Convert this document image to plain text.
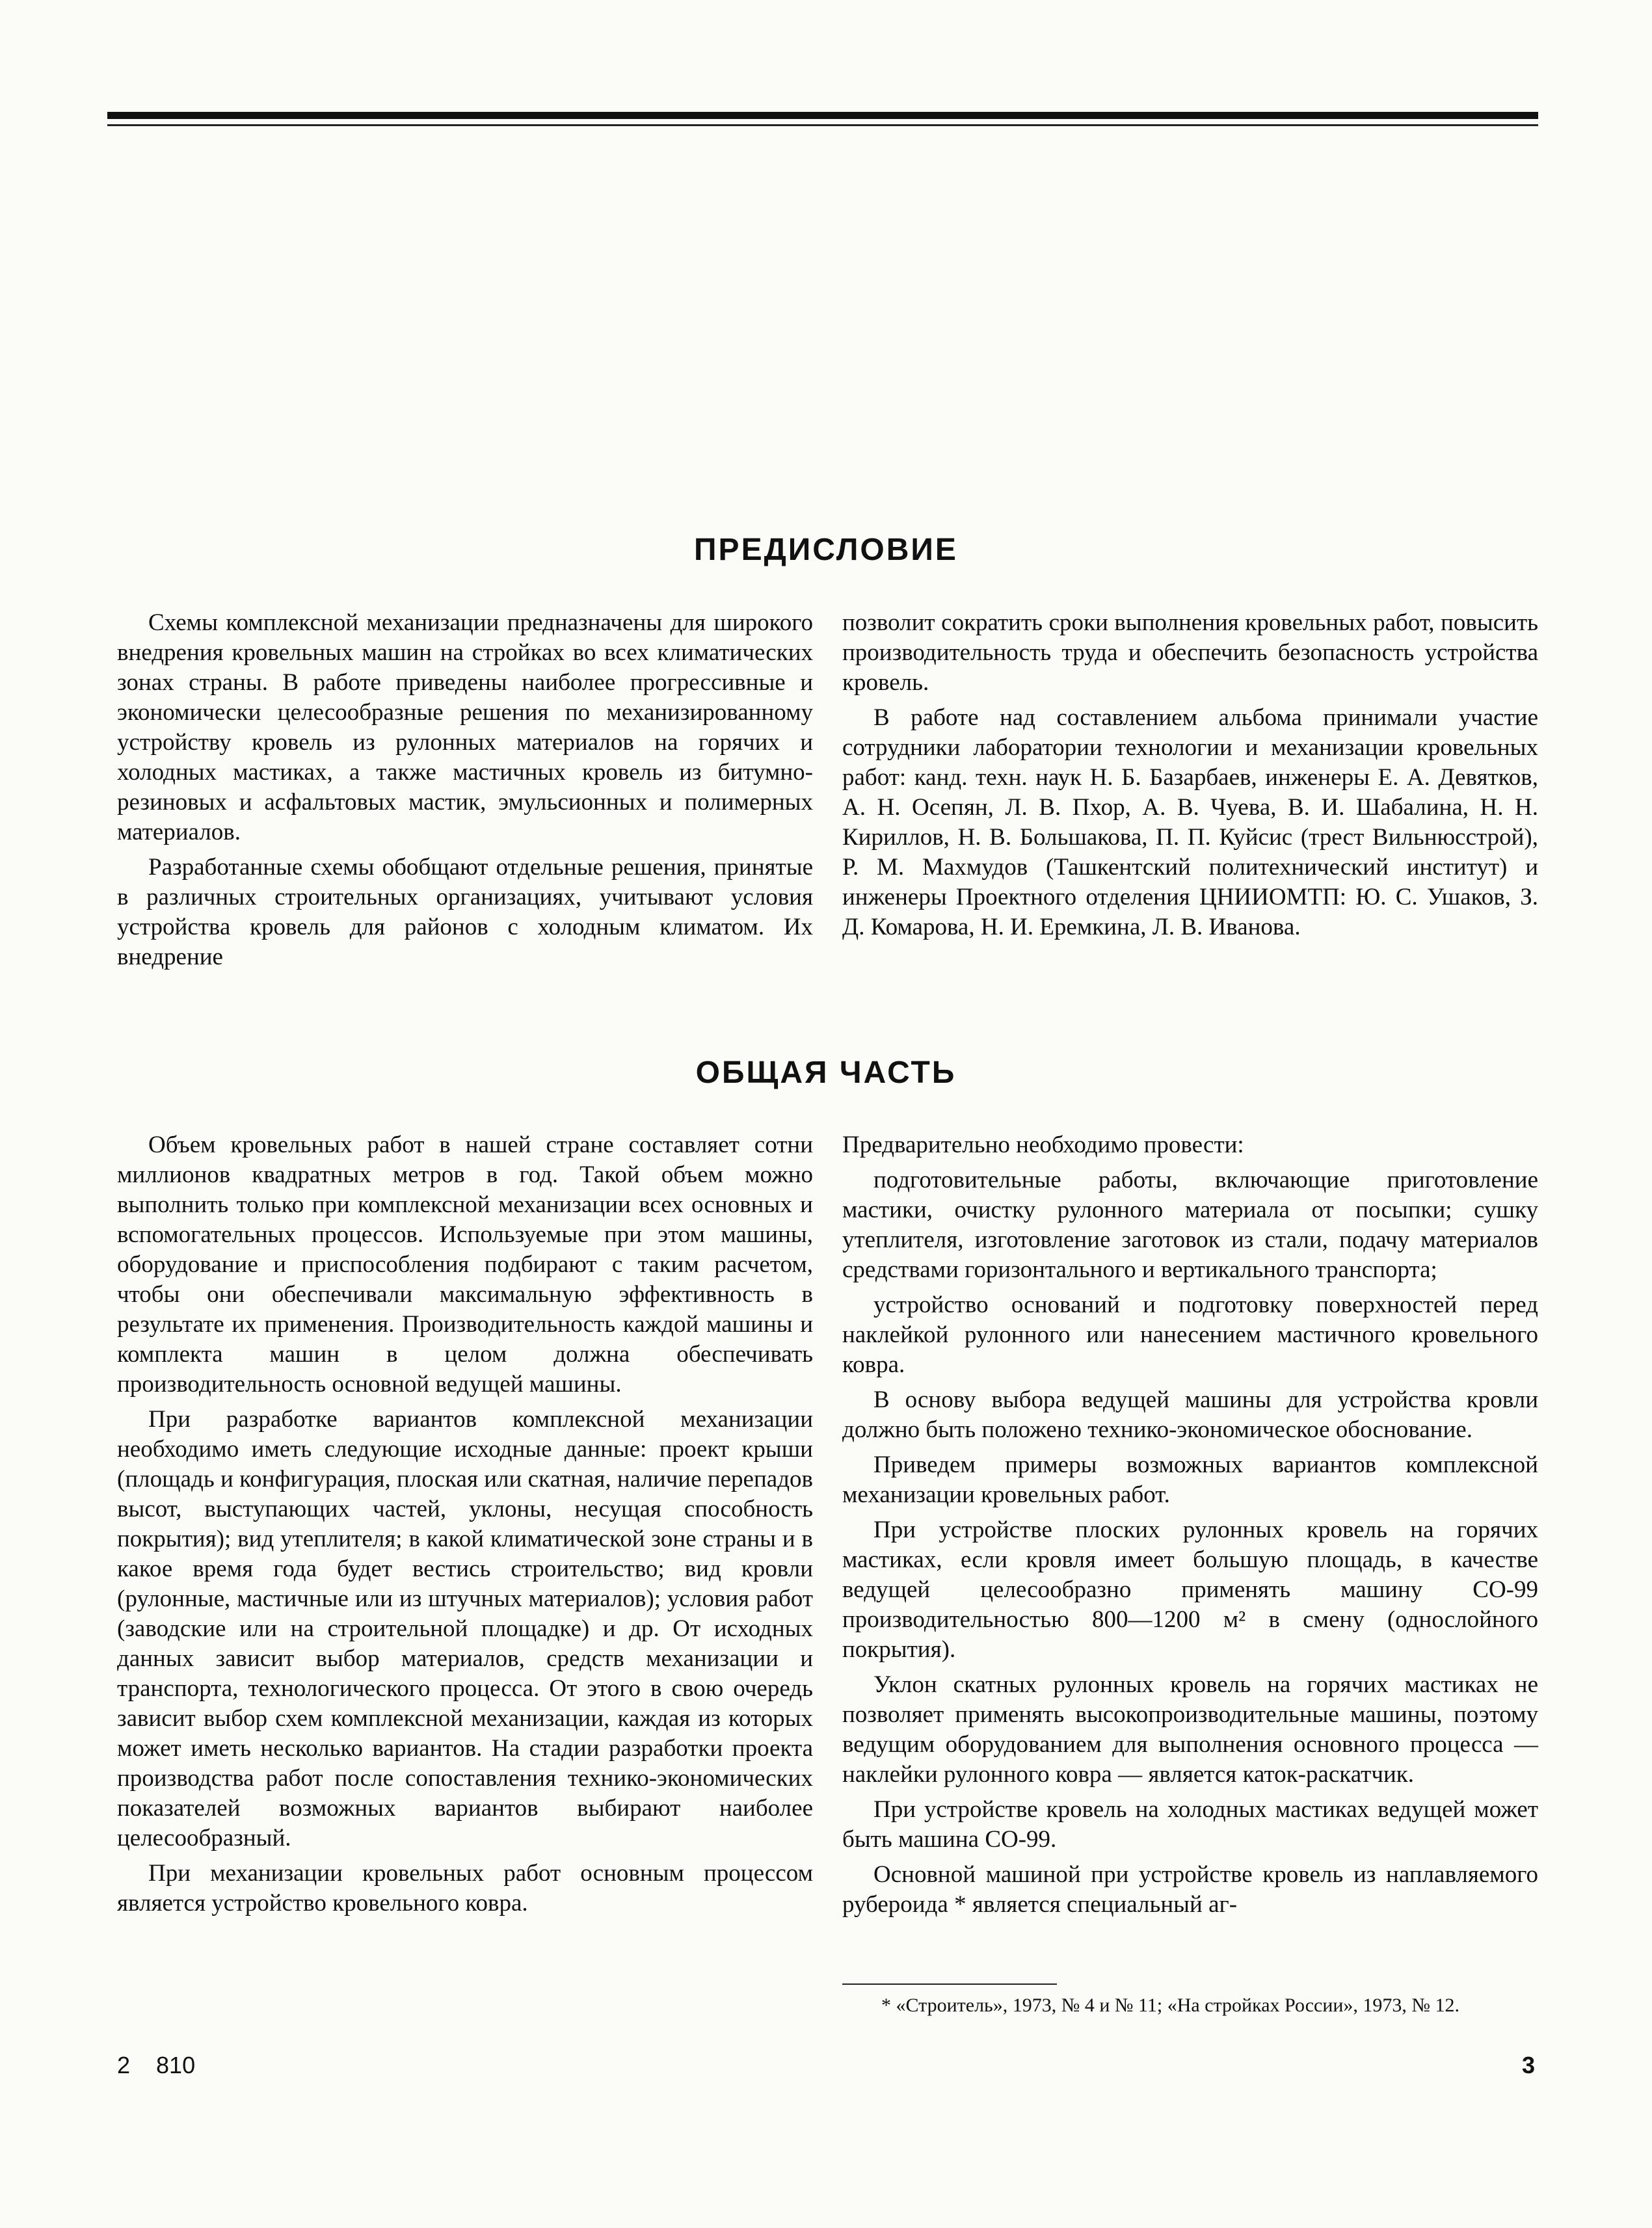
ПРЕДИСЛОВИЕ

Схемы комплексной механизации предназначены для широкого внедрения кровельных машин на стройках во всех климатических зонах страны. В работе приведены наиболее прогрессивные и экономически целесообразные решения по механизированному устройству кровель из рулонных материалов на горячих и холодных мастиках, а также мастичных кровель из битумно-резиновых и асфальтовых мастик, эмульсионных и полимерных материалов.

Разработанные схемы обобщают отдельные решения, принятые в различных строительных организациях, учитывают условия устройства кровель для районов с холодным климатом. Их внедрение

позволит сократить сроки выполнения кровельных работ, повысить производительность труда и обеспечить безопасность устройства кровель.

В работе над составлением альбома принимали участие сотрудники лаборатории технологии и механизации кровельных работ: канд. техн. наук Н. Б. Базарбаев, инженеры Е. А. Девятков, А. Н. Осепян, Л. В. Пхор, А. В. Чуева, В. И. Шабалина, Н. Н. Кириллов, Н. В. Большакова, П. П. Куйсис (трест Вильнюсстрой), Р. М. Махмудов (Ташкентский политехнический институт) и инженеры Проектного отделения ЦНИИОМТП: Ю. С. Ушаков, З. Д. Комарова, Н. И. Еремкина, Л. В. Иванова.

ОБЩАЯ ЧАСТЬ

Объем кровельных работ в нашей стране составляет сотни миллионов квадратных метров в год. Такой объем можно выполнить только при комплексной механизации всех основных и вспомогательных процессов. Используемые при этом машины, оборудование и приспособления подбирают с таким расчетом, чтобы они обеспечивали максимальную эффективность в результате их применения. Производительность каждой машины и комплекта машин в целом должна обеспечивать производительность основной ведущей машины.

При разработке вариантов комплексной механизации необходимо иметь следующие исходные данные: проект крыши (площадь и конфигурация, плоская или скатная, наличие перепадов высот, выступающих частей, уклоны, несущая способность покрытия); вид утеплителя; в какой климатической зоне страны и в какое время года будет вестись строительство; вид кровли (рулонные, мастичные или из штучных материалов); условия работ (заводские или на строительной площадке) и др. От исходных данных зависит выбор материалов, средств механизации и транспорта, технологического процесса. От этого в свою очередь зависит выбор схем комплексной механизации, каждая из которых может иметь несколько вариантов. На стадии разработки проекта производства работ после сопоставления технико-экономических показателей возможных вариантов выбирают наиболее целесообразный.

При механизации кровельных работ основным процессом является устройство кровельного ковра.

Предварительно необходимо провести:

подготовительные работы, включающие приготовление мастики, очистку рулонного материала от посыпки; сушку утеплителя, изготовление заготовок из стали, подачу материалов средствами горизонтального и вертикального транспорта;

устройство оснований и подготовку поверхностей перед наклейкой рулонного или нанесением мастичного кровельного ковра.

В основу выбора ведущей машины для устройства кровли должно быть положено технико-экономическое обоснование.

Приведем примеры возможных вариантов комплексной механизации кровельных работ.

При устройстве плоских рулонных кровель на горячих мастиках, если кровля имеет большую площадь, в качестве ведущей целесообразно применять машину СО-99 производительностью 800—1200 м² в смену (однослойного покрытия).

Уклон скатных рулонных кровель на горячих мастиках не позволяет применять высокопроизводительные машины, поэтому ведущим оборудованием для выполнения основного процесса — наклейки рулонного ковра — является каток-раскатчик.

При устройстве кровель на холодных мастиках ведущей может быть машина СО-99.

Основной машиной при устройстве кровель из наплавляемого рубероида * является специальный аг-

* «Строитель», 1973, № 4 и № 11; «На стройках России», 1973, № 12.

2    810	3
